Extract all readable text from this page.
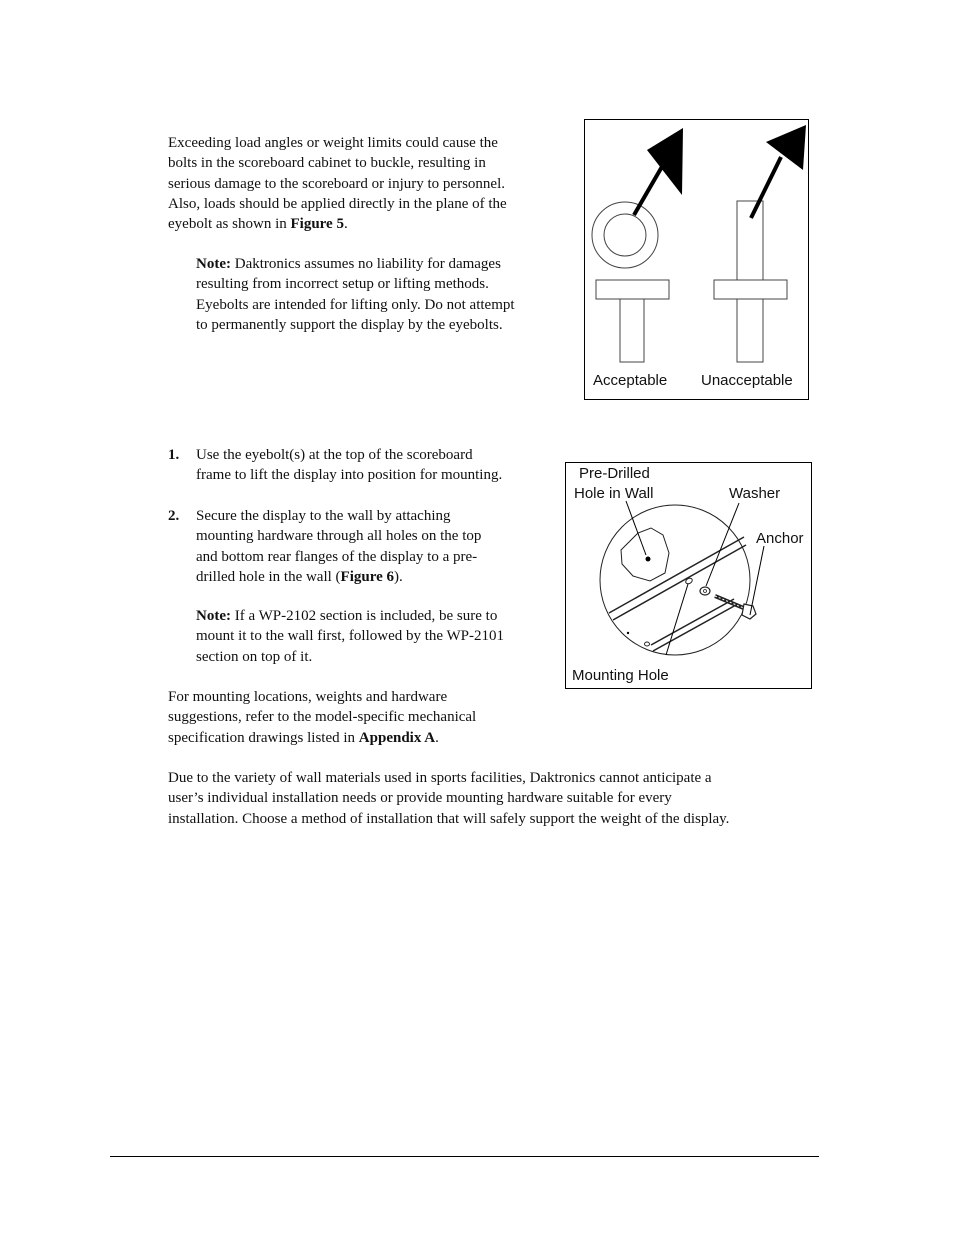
Exceeding load angles or weight limits could cause the
bolts in the scoreboard cabinet to buckle, resulting in
serious damage to the scoreboard or injury to personnel.
Also, loads should be applied directly in the plane of the
eyebolt as shown in Figure 5.
Note: Daktronics assumes no liability for damages
resulting from incorrect setup or lifting methods.
Eyebolts are intended for lifting only. Do not attempt
to permanently support the display by the eyebolts.
Acceptable Unacceptable
1. Use the eyebolt(s) at the top of the scoreboard
frame to lift the display into position for mounting.
2. Secure the display to the wall by attaching
mounting hardware through all holes on the top
and bottom rear flanges of the display to a pre-
drilled hole in the wall (Figure 6).
Note: If a WP-2102 section is included, be sure to
mount it to the wall first, followed by the WP-2101
section on top of it.
Pre-Drilled
Hole in Wall	Washer
Anchor
Mounting Hole
For mounting locations, weights and hardware
suggestions, refer to the model-specific mechanical
specification drawings listed in Appendix A.
Due to the variety of wall materials used in sports facilities, Daktronics cannot anticipate a
user’s individual installation needs or provide mounting hardware suitable for every
installation. Choose a method of installation that will safely support the weight of the display.
